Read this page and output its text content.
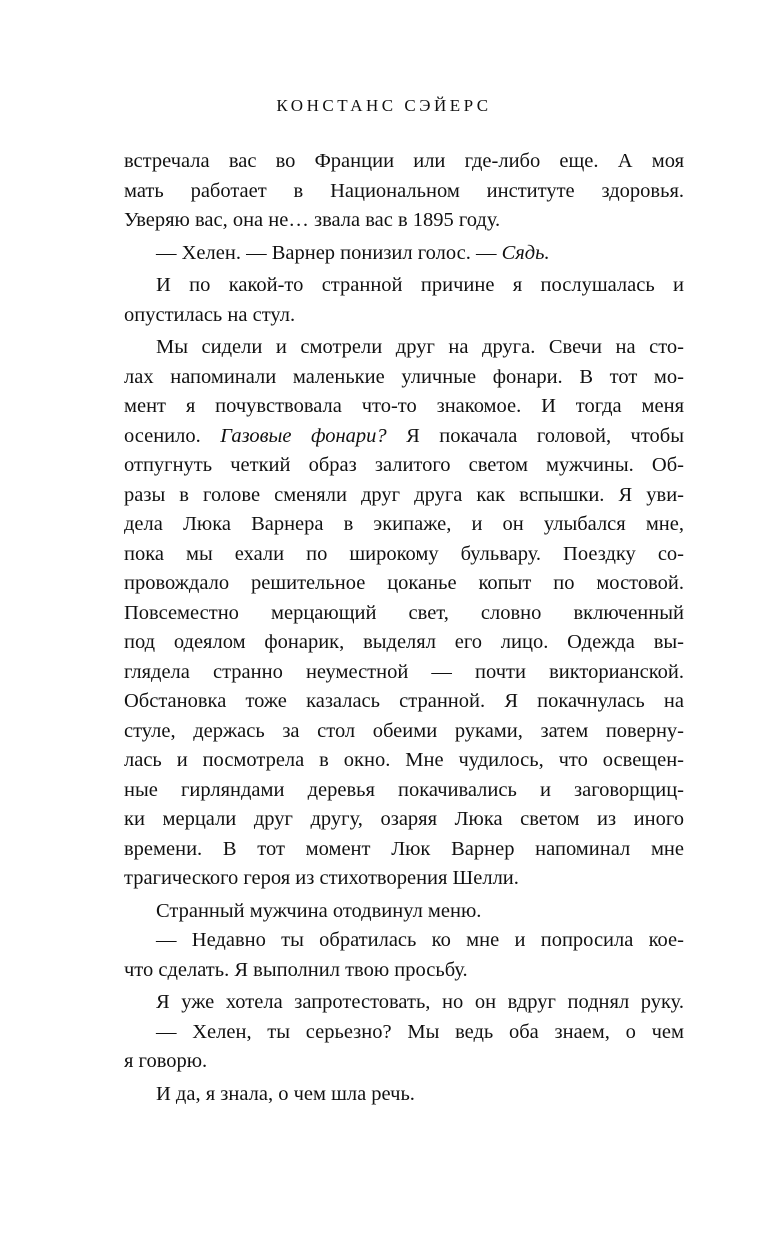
КОНСТАНС СЭЙЕРС

встречала вас во Франции или где-либо еще. А моя
мать работает в Национальном институте здоровья.
Уверяю вас, она не… звала вас в 1895 году.

— Хелен. — Варнер понизил голос. — Сядь.

И по какой-то странной причине я послушалась и
опустилась на стул.

Мы сидели и смотрели друг на друга. Свечи на сто-
лах напоминали маленькие уличные фонари. В тот мо-
мент я почувствовала что-то знакомое. И тогда меня
осенило. Газовые фонари? Я покачала головой, чтобы
отпугнуть четкий образ залитого светом мужчины. Об-
разы в голове сменяли друг друга как вспышки. Я уви-
дела Люка Варнера в экипаже, и он улыбался мне,
пока мы ехали по широкому бульвару. Поездку со-
провождало решительное цоканье копыт по мостовой.
Повсеместно мерцающий свет, словно включенный
под одеялом фонарик, выделял его лицо. Одежда вы-
глядела странно неуместной — почти викторианской.
Обстановка тоже казалась странной. Я покачнулась на
стуле, держась за стол обеими руками, затем поверну-
лась и посмотрела в окно. Мне чудилось, что освещен-
ные гирляндами деревья покачивались и заговорщиц-
ки мерцали друг другу, озаряя Люка светом из иного
времени. В тот момент Люк Варнер напоминал мне
трагического героя из стихотворения Шелли.

Странный мужчина отодвинул меню.

— Недавно ты обратилась ко мне и попросила кое-
что сделать. Я выполнил твою просьбу.

Я уже хотела запротестовать, но он вдруг поднял руку.

— Хелен, ты серьезно? Мы ведь оба знаем, о чем
я говорю.

И да, я знала, о чем шла речь.
